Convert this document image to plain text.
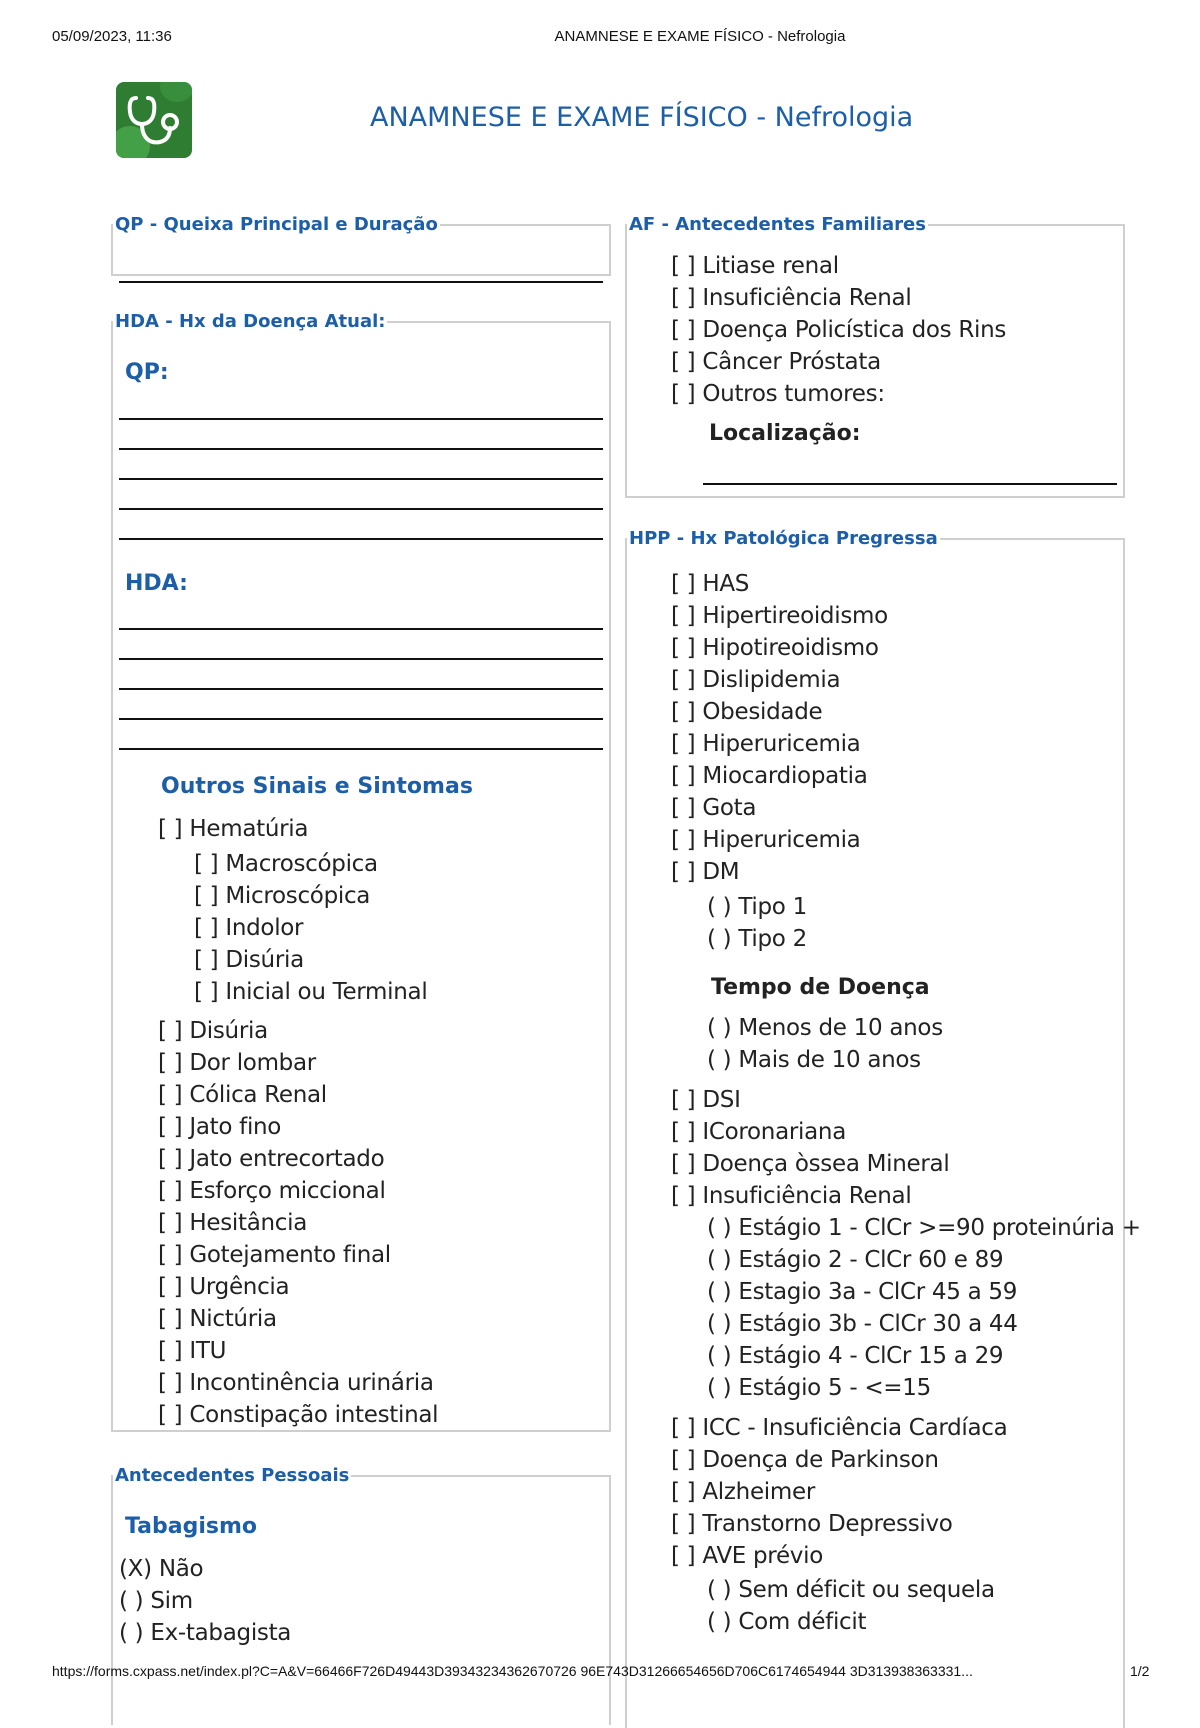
05/09/2023, 11:36	ANAMNESE E EXAME FÍSICO - Nefrologia
ANAMNESE E EXAME FÍSICO - Nefrologia
QP - Queixa Principal e Duração
HDA - Hx da Doença Atual:
QP:
HDA:
Outros Sinais e Sintomas
[ ] Hematúria
[ ] Macroscópica
[ ] Microscópica
[ ] Indolor
[ ] Disúria
[ ] Inicial ou Terminal
[ ] Disúria
[ ] Dor lombar
[ ] Cólica Renal
[ ] Jato fino
[ ] Jato entrecortado
[ ] Esforço miccional
[ ] Hesitância
[ ] Gotejamento final
[ ] Urgência
[ ] Nictúria
[ ] ITU
[ ] Incontinência urinária
[ ] Constipação intestinal
Antecedentes Pessoais
Tabagismo
(X) Não
( ) Sim
( ) Ex-tabagista
AF - Antecedentes Familiares
[ ] Litiase renal
[ ] Insuficiência Renal
[ ] Doença Policística dos Rins
[ ] Câncer Próstata
[ ] Outros tumores:
Localização:
HPP - Hx Patológica Pregressa
[ ] HAS
[ ] Hipertireoidismo
[ ] Hipotireoidismo
[ ] Dislipidemia
[ ] Obesidade
[ ] Hiperuricemia
[ ] Miocardiopatia
[ ] Gota
[ ] Hiperuricemia
[ ] DM
( ) Tipo 1
( ) Tipo 2
Tempo de Doença
( ) Menos de 10 anos
( ) Mais de 10 anos
[ ] DSI
[ ] ICoronariana
[ ] Doença òssea Mineral
[ ] Insuficiência Renal
( ) Estágio 1 - ClCr >=90 proteinúria +
( ) Estágio 2 - ClCr 60 e 89
( ) Estagio 3a - ClCr 45 a 59
( ) Estágio 3b - ClCr 30 a 44
( ) Estágio 4 - ClCr 15 a 29
( ) Estágio 5 - <=15
[ ] ICC - Insuficiência Cardíaca
[ ] Doença de Parkinson
[ ] Alzheimer
[ ] Transtorno Depressivo
[ ] AVE prévio
( ) Sem déficit ou sequela
( ) Com déficit
https://forms.cxpass.net/index.pl?C=A&V=66466F726D49443D39343234362670726 96E743D31266654656D706C6174654944 3D313938363331...	1/2
